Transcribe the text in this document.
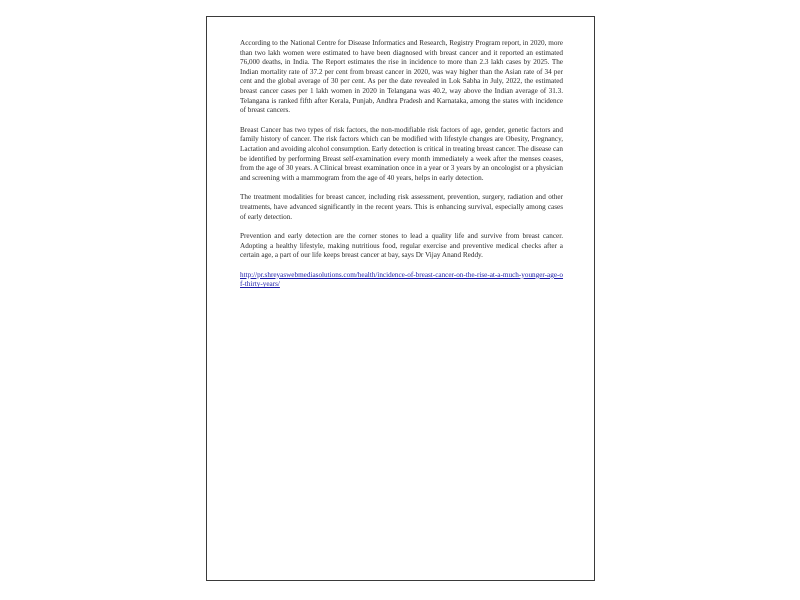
According to the National Centre for Disease Informatics and Research, Registry Program report, in 2020, more than two lakh women were estimated to have been diagnosed with breast cancer and it reported an estimated 76,000 deaths, in India. The Report estimates the rise in incidence to more than 2.3 lakh cases by 2025. The Indian mortality rate of 37.2 per cent from breast cancer in 2020, was way higher than the Asian rate of 34 per cent and the global average of 30 per cent. As per the date revealed in Lok Sabha in July, 2022, the estimated breast cancer cases per 1 lakh women in 2020 in Telangana was 40.2, way above the Indian average of 31.3. Telangana is ranked fifth after Kerala, Punjab, Andhra Pradesh and Karnataka, among the states with incidence of breast cancers.

Breast Cancer has two types of risk factors, the non-modifiable risk factors of age, gender, genetic factors and family history of cancer. The risk factors which can be modified with lifestyle changes are Obesity, Pregnancy, Lactation and avoiding alcohol consumption. Early detection is critical in treating breast cancer. The disease can be identified by performing Breast self-examination every month immediately a week after the menses ceases, from the age of 30 years. A Clinical breast examination once in a year or 3 years by an oncologist or a physician and screening with a mammogram from the age of 40 years, helps in early detection.

The treatment modalities for breast cancer, including risk assessment, prevention, surgery, radiation and other treatments, have advanced significantly in the recent years. This is enhancing survival, especially among cases of early detection.

Prevention and early detection are the corner stones to lead a quality life and survive from breast cancer. Adopting a healthy lifestyle, making nutritious food, regular exercise and preventive medical checks after a certain age, a part of our life keeps breast cancer at bay, says Dr Vijay Anand Reddy.

http://pr.shreyaswebmediasolutions.com/health/incidence-of-breast-cancer-on-the-rise-at-a-much-younger-age-of-thirty-years/
